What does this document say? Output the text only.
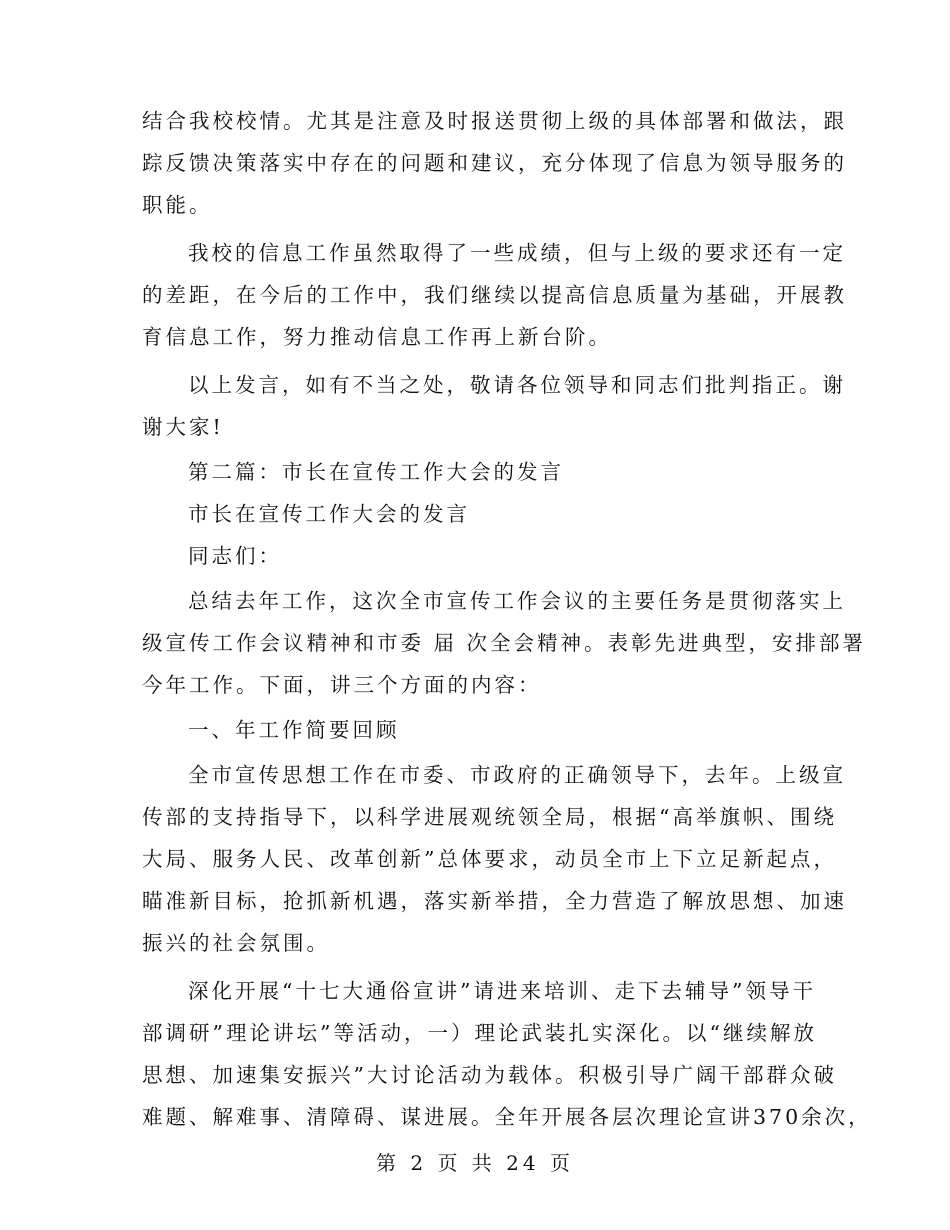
结合我校校情。尤其是注意及时报送贯彻上级的具体部署和做法，跟
踪反馈决策落实中存在的问题和建议，充分体现了信息为领导服务的
职能。

我校的信息工作虽然取得了一些成绩，但与上级的要求还有一定
的差距，在今后的工作中，我们继续以提高信息质量为基础，开展教
育信息工作，努力推动信息工作再上新台阶。

以上发言，如有不当之处，敬请各位领导和同志们批判指正。谢
谢大家!

第二篇：市长在宣传工作大会的发言

市长在宣传工作大会的发言

同志们：

总结去年工作，这次全市宣传工作会议的主要任务是贯彻落实上
级宣传工作会议精神和市委 届 次全会精神。表彰先进典型，安排部署
今年工作。下面，讲三个方面的内容：

一、年工作简要回顾

全市宣传思想工作在市委、市政府的正确领导下，去年。上级宣
传部的支持指导下，以科学进展观统领全局，根据“高举旗帜、围绕
大局、服务人民、改革创新”总体要求，动员全市上下立足新起点，
瞄准新目标，抢抓新机遇，落实新举措，全力营造了解放思想、加速
振兴的社会氛围。

深化开展“十七大通俗宣讲”请进来培训、走下去辅导”领导干
部调研”理论讲坛”等活动，一）理论武装扎实深化。以“继续解放
思想、加速集安振兴”大讨论活动为载体。积极引导广阔干部群众破
难题、解难事、清障碍、谋进展。全年开展各层次理论宣讲370余次，

第 2 页 共 24 页
